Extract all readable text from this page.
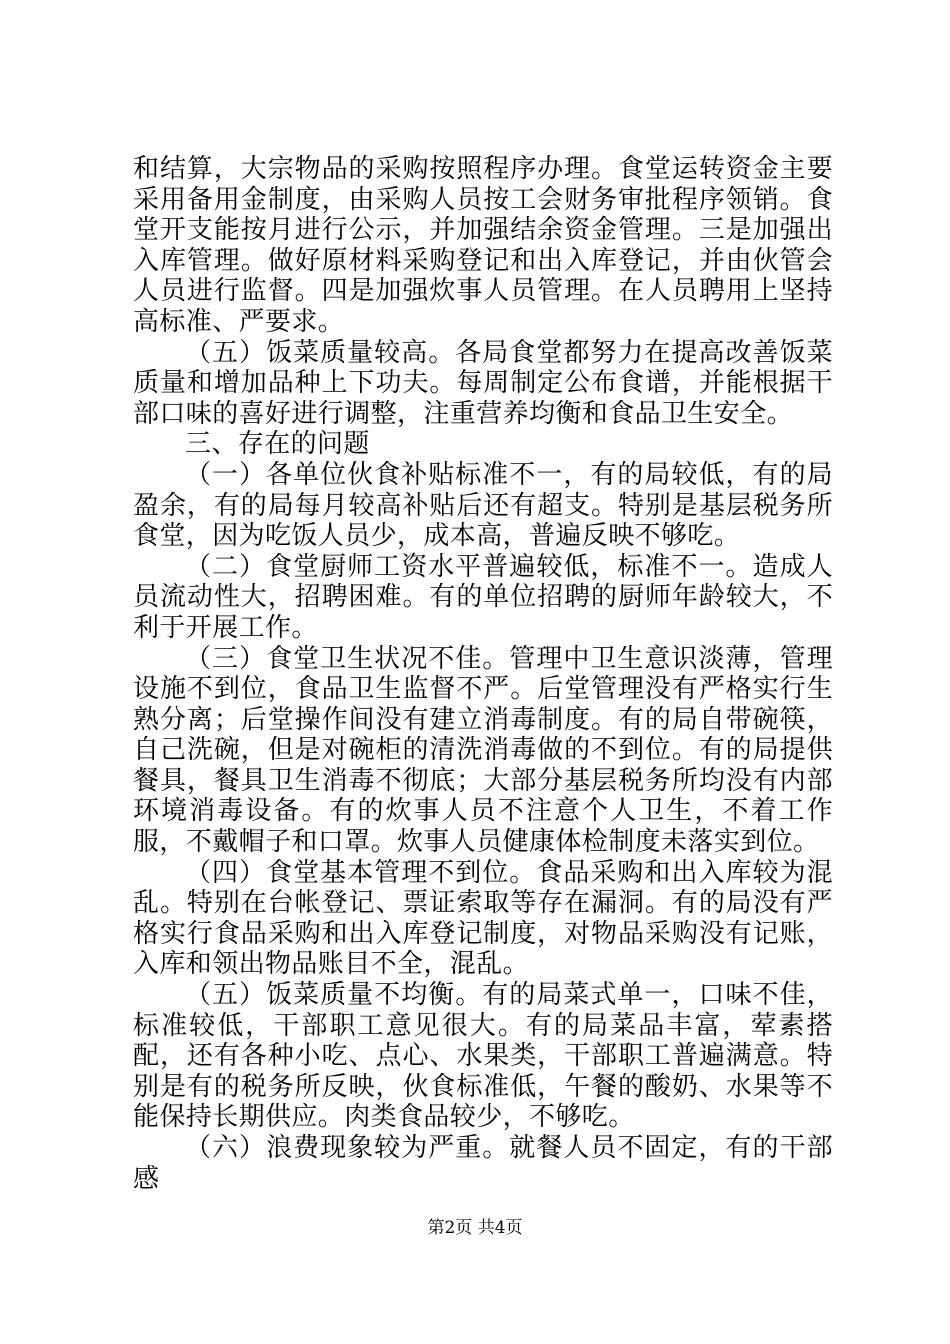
和结算，大宗物品的采购按照程序办理。食堂运转资金主要采用备用金制度，由采购人员按工会财务审批程序领销。食堂开支能按月进行公示，并加强结余资金管理。三是加强出入库管理。做好原材料采购登记和出入库登记，并由伙管会人员进行监督。四是加强炊事人员管理。在人员聘用上坚持高标准、严要求。

（五）饭菜质量较高。各局食堂都努力在提高改善饭菜质量和增加品种上下功夫。每周制定公布食谱，并能根据干部口味的喜好进行调整，注重营养均衡和食品卫生安全。

三、存在的问题

（一）各单位伙食补贴标准不一，有的局较低，有的局盈余，有的局每月较高补贴后还有超支。特别是基层税务所食堂，因为吃饭人员少，成本高，普遍反映不够吃。

（二）食堂厨师工资水平普遍较低，标准不一。造成人员流动性大，招聘困难。有的单位招聘的厨师年龄较大，不利于开展工作。

（三）食堂卫生状况不佳。管理中卫生意识淡薄，管理设施不到位，食品卫生监督不严。后堂管理没有严格实行生熟分离；后堂操作间没有建立消毒制度。有的局自带碗筷，自己洗碗，但是对碗柜的清洗消毒做的不到位。有的局提供餐具，餐具卫生消毒不彻底；大部分基层税务所均没有内部环境消毒设备。有的炊事人员不注意个人卫生，不着工作服，不戴帽子和口罩。炊事人员健康体检制度未落实到位。

（四）食堂基本管理不到位。食品采购和出入库较为混乱。特别在台帐登记、票证索取等存在漏洞。有的局没有严格实行食品采购和出入库登记制度，对物品采购没有记账，入库和领出物品账目不全，混乱。

（五）饭菜质量不均衡。有的局菜式单一，口味不佳，标准较低，干部职工意见很大。有的局菜品丰富，荤素搭配，还有各种小吃、点心、水果类，干部职工普遍满意。特别是有的税务所反映，伙食标准低，午餐的酸奶、水果等不能保持长期供应。肉类食品较少，不够吃。

（六）浪费现象较为严重。就餐人员不固定，有的干部感

第2页 共4页
